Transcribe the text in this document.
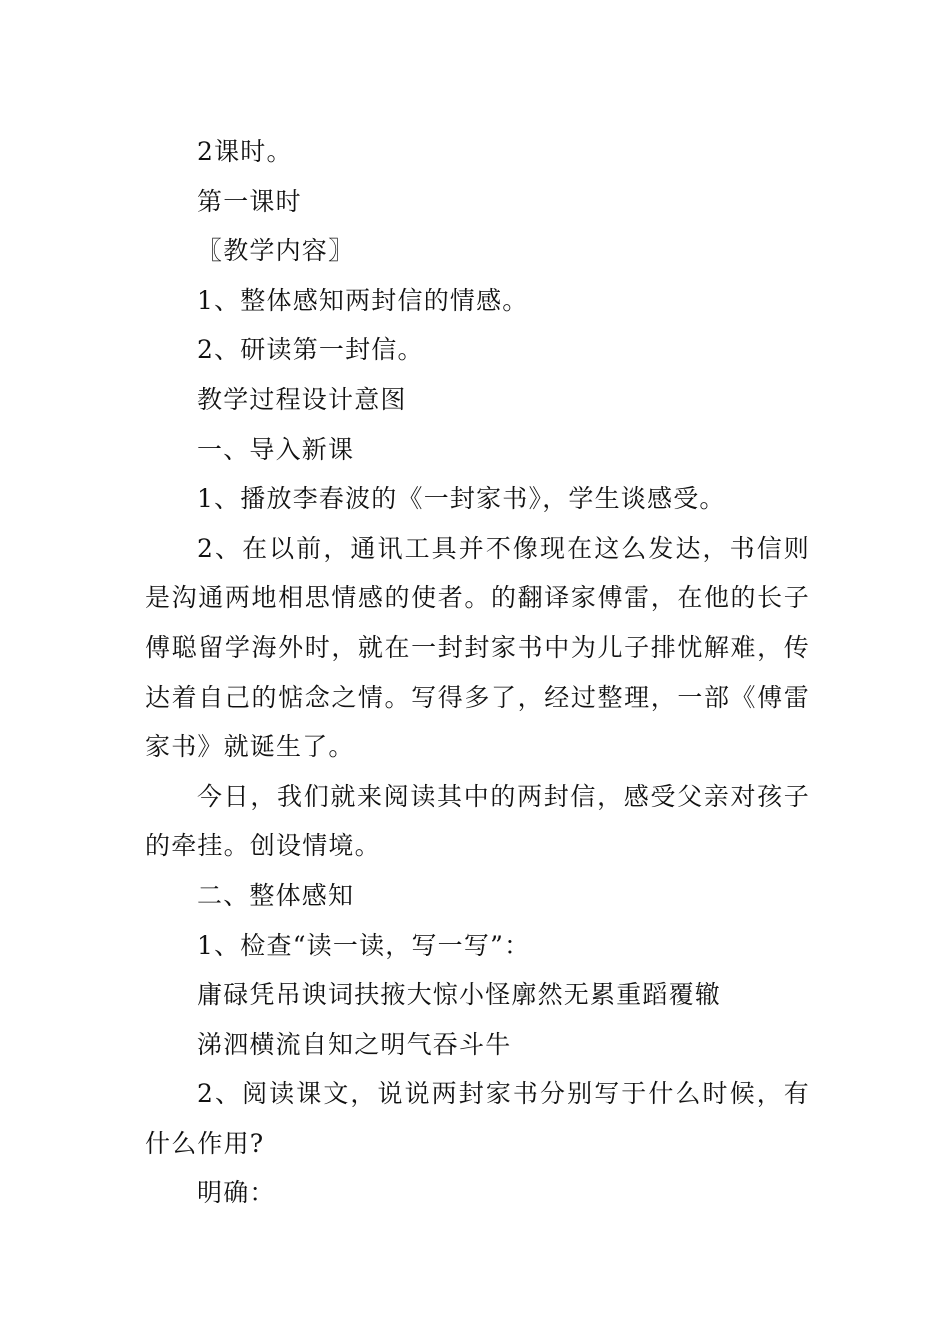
2课时。

第一课时

〖教学内容〗

1、整体感知两封信的情感。

2、研读第一封信。

教学过程设计意图

一、导入新课

1、播放李春波的《一封家书》，学生谈感受。

2、在以前，通讯工具并不像现在这么发达，书信则是沟通两地相思情感的使者。的翻译家傅雷，在他的长子傅聪留学海外时，就在一封封家书中为儿子排忧解难，传达着自己的惦念之情。写得多了，经过整理，一部《傅雷家书》就诞生了。

今日，我们就来阅读其中的两封信，感受父亲对孩子的牵挂。创设情境。

二、整体感知

1、检查“读一读，写一写”：

庸碌凭吊谀词扶掖大惊小怪廓然无累重蹈覆辙

涕泗横流自知之明气吞斗牛

2、阅读课文，说说两封家书分别写于什么时候，有什么作用?

明确：
